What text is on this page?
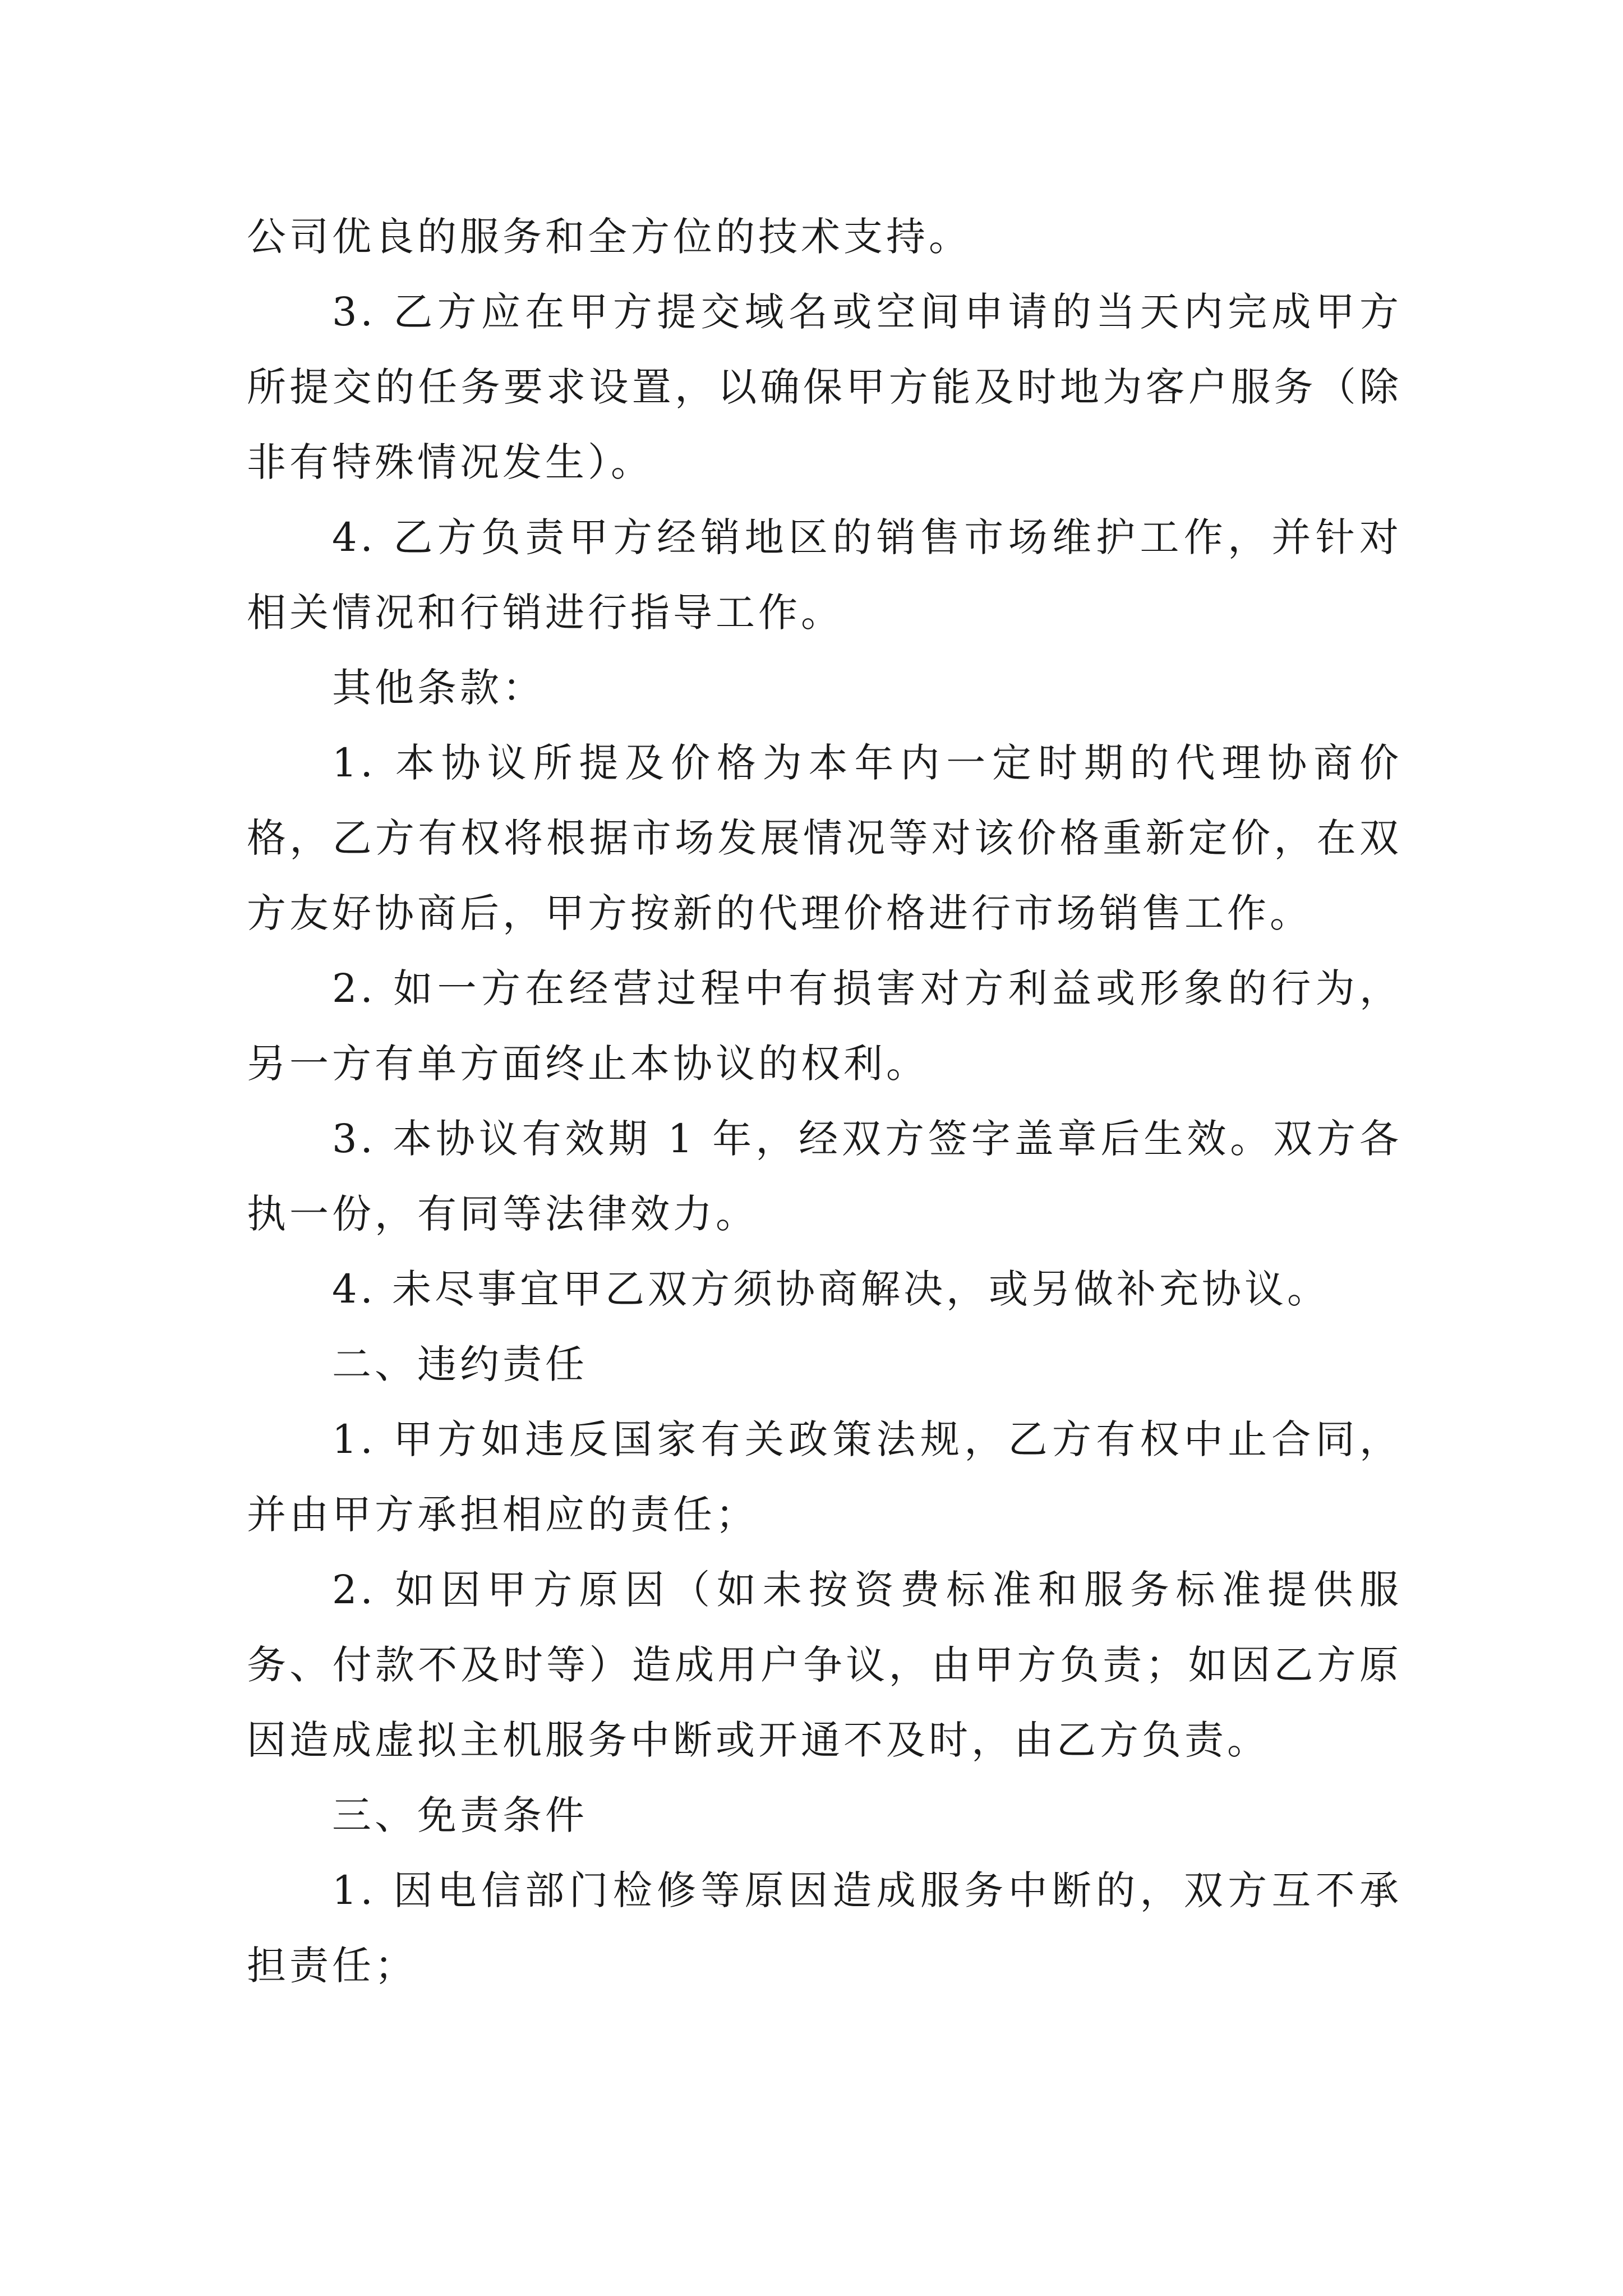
公司优良的服务和全方位的技术支持。

3. 乙方应在甲方提交域名或空间申请的当天内完成甲方所提交的任务要求设置，以确保甲方能及时地为客户服务（除非有特殊情况发生）。

4. 乙方负责甲方经销地区的销售市场维护工作，并针对相关情况和行销进行指导工作。

其他条款：

1. 本协议所提及价格为本年内一定时期的代理协商价格，乙方有权将根据市场发展情况等对该价格重新定价，在双方友好协商后，甲方按新的代理价格进行市场销售工作。

2. 如一方在经营过程中有损害对方利益或形象的行为，另一方有单方面终止本协议的权利。

3. 本协议有效期 1 年，经双方签字盖章后生效。双方各执一份，有同等法律效力。

4. 未尽事宜甲乙双方须协商解决，或另做补充协议。

二、违约责任

1. 甲方如违反国家有关政策法规，乙方有权中止合同，并由甲方承担相应的责任；

2. 如因甲方原因（如未按资费标准和服务标准提供服务、付款不及时等）造成用户争议，由甲方负责；如因乙方原因造成虚拟主机服务中断或开通不及时，由乙方负责。

三、免责条件

1. 因电信部门检修等原因造成服务中断的，双方互不承担责任；
